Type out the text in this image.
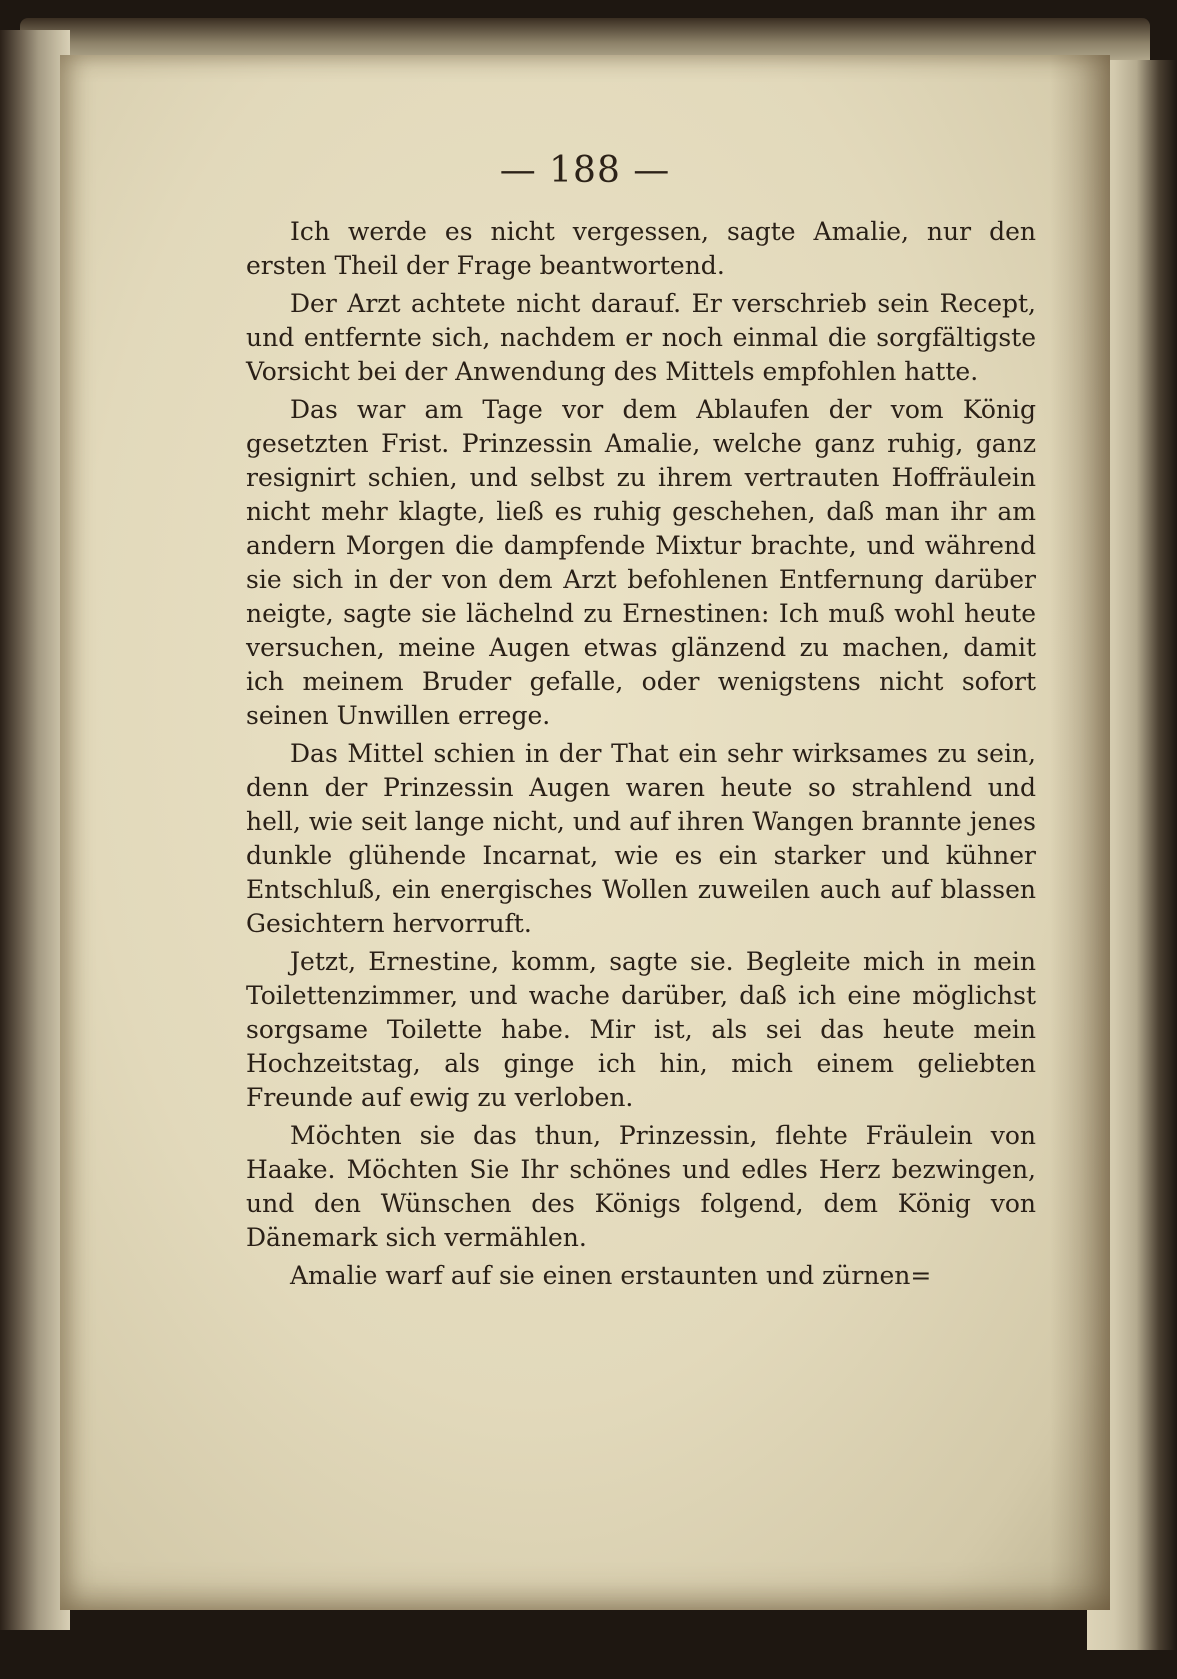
— 188 —

Ich werde es nicht vergessen, sagte Amalie, nur den ersten Theil der Frage beantwortend.

Der Arzt achtete nicht darauf. Er verschrieb sein Recept, und entfernte sich, nachdem er noch einmal die sorgfältigste Vorsicht bei der Anwendung des Mittels empfohlen hatte.

Das war am Tage vor dem Ablaufen der vom König gesetzten Frist. Prinzessin Amalie, welche ganz ruhig, ganz resignirt schien, und selbst zu ihrem vertrauten Hoffräulein nicht mehr klagte, ließ es ruhig geschehen, daß man ihr am andern Morgen die dampfende Mixtur brachte, und während sie sich in der von dem Arzt befohlenen Entfernung darüber neigte, sagte sie lächelnd zu Ernestinen: Ich muß wohl heute versuchen, meine Augen etwas glänzend zu machen, damit ich meinem Bruder gefalle, oder wenigstens nicht sofort seinen Unwillen errege.

Das Mittel schien in der That ein sehr wirksames zu sein, denn der Prinzessin Augen waren heute so strahlend und hell, wie seit lange nicht, und auf ihren Wangen brannte jenes dunkle glühende Incarnat, wie es ein starker und kühner Entschluß, ein energisches Wollen zuweilen auch auf blassen Gesichtern hervorruft.

Jetzt, Ernestine, komm, sagte sie. Begleite mich in mein Toilettenzimmer, und wache darüber, daß ich eine möglichst sorgsame Toilette habe. Mir ist, als sei das heute mein Hochzeitstag, als ginge ich hin, mich einem geliebten Freunde auf ewig zu verloben.

Möchten sie das thun, Prinzessin, flehte Fräulein von Haake. Möchten Sie Ihr schönes und edles Herz bezwingen, und den Wünschen des Königs folgend, dem König von Dänemark sich vermählen.

Amalie warf auf sie einen erstaunten und zürnen=
